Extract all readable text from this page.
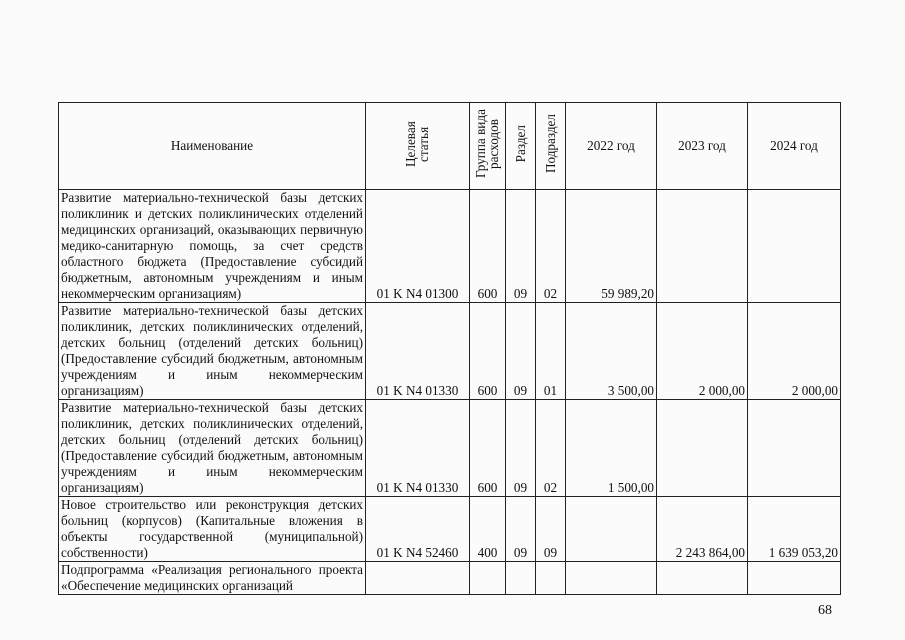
Наименование	Целевая статья	Группа вида расходов	Раздел	Подраздел	2022 год	2023 год	2024 год
Развитие материально-технической базы детских поликлиник и детских поликлинических отделений медицинских организаций, оказывающих первичную медико-санитарную помощь, за счет средств областного бюджета (Предоставление субсидий бюджетным, автономным учреждениям и иным некоммерческим организациям)	01 K N4 01300	600	09	02	59 989,20		
Развитие материально-технической базы детских поликлиник, детских поликлинических отделений, детских больниц (отделений детских больниц) (Предоставление субсидий бюджетным, автономным учреждениям и иным некоммерческим организациям)	01 K N4 01330	600	09	01	3 500,00	2 000,00	2 000,00
Развитие материально-технической базы детских поликлиник, детских поликлинических отделений, детских больниц (отделений детских больниц) (Предоставление субсидий бюджетным, автономным учреждениям и иным некоммерческим организациям)	01 K N4 01330	600	09	02	1 500,00		
Новое строительство или реконструкция детских больниц (корпусов) (Капитальные вложения в объекты государственной (муниципальной) собственности)	01 K N4 52460	400	09	09		2 243 864,00	1 639 053,20
Подпрограмма «Реализация регионального проекта «Обеспечение медицинских организаций							
68
